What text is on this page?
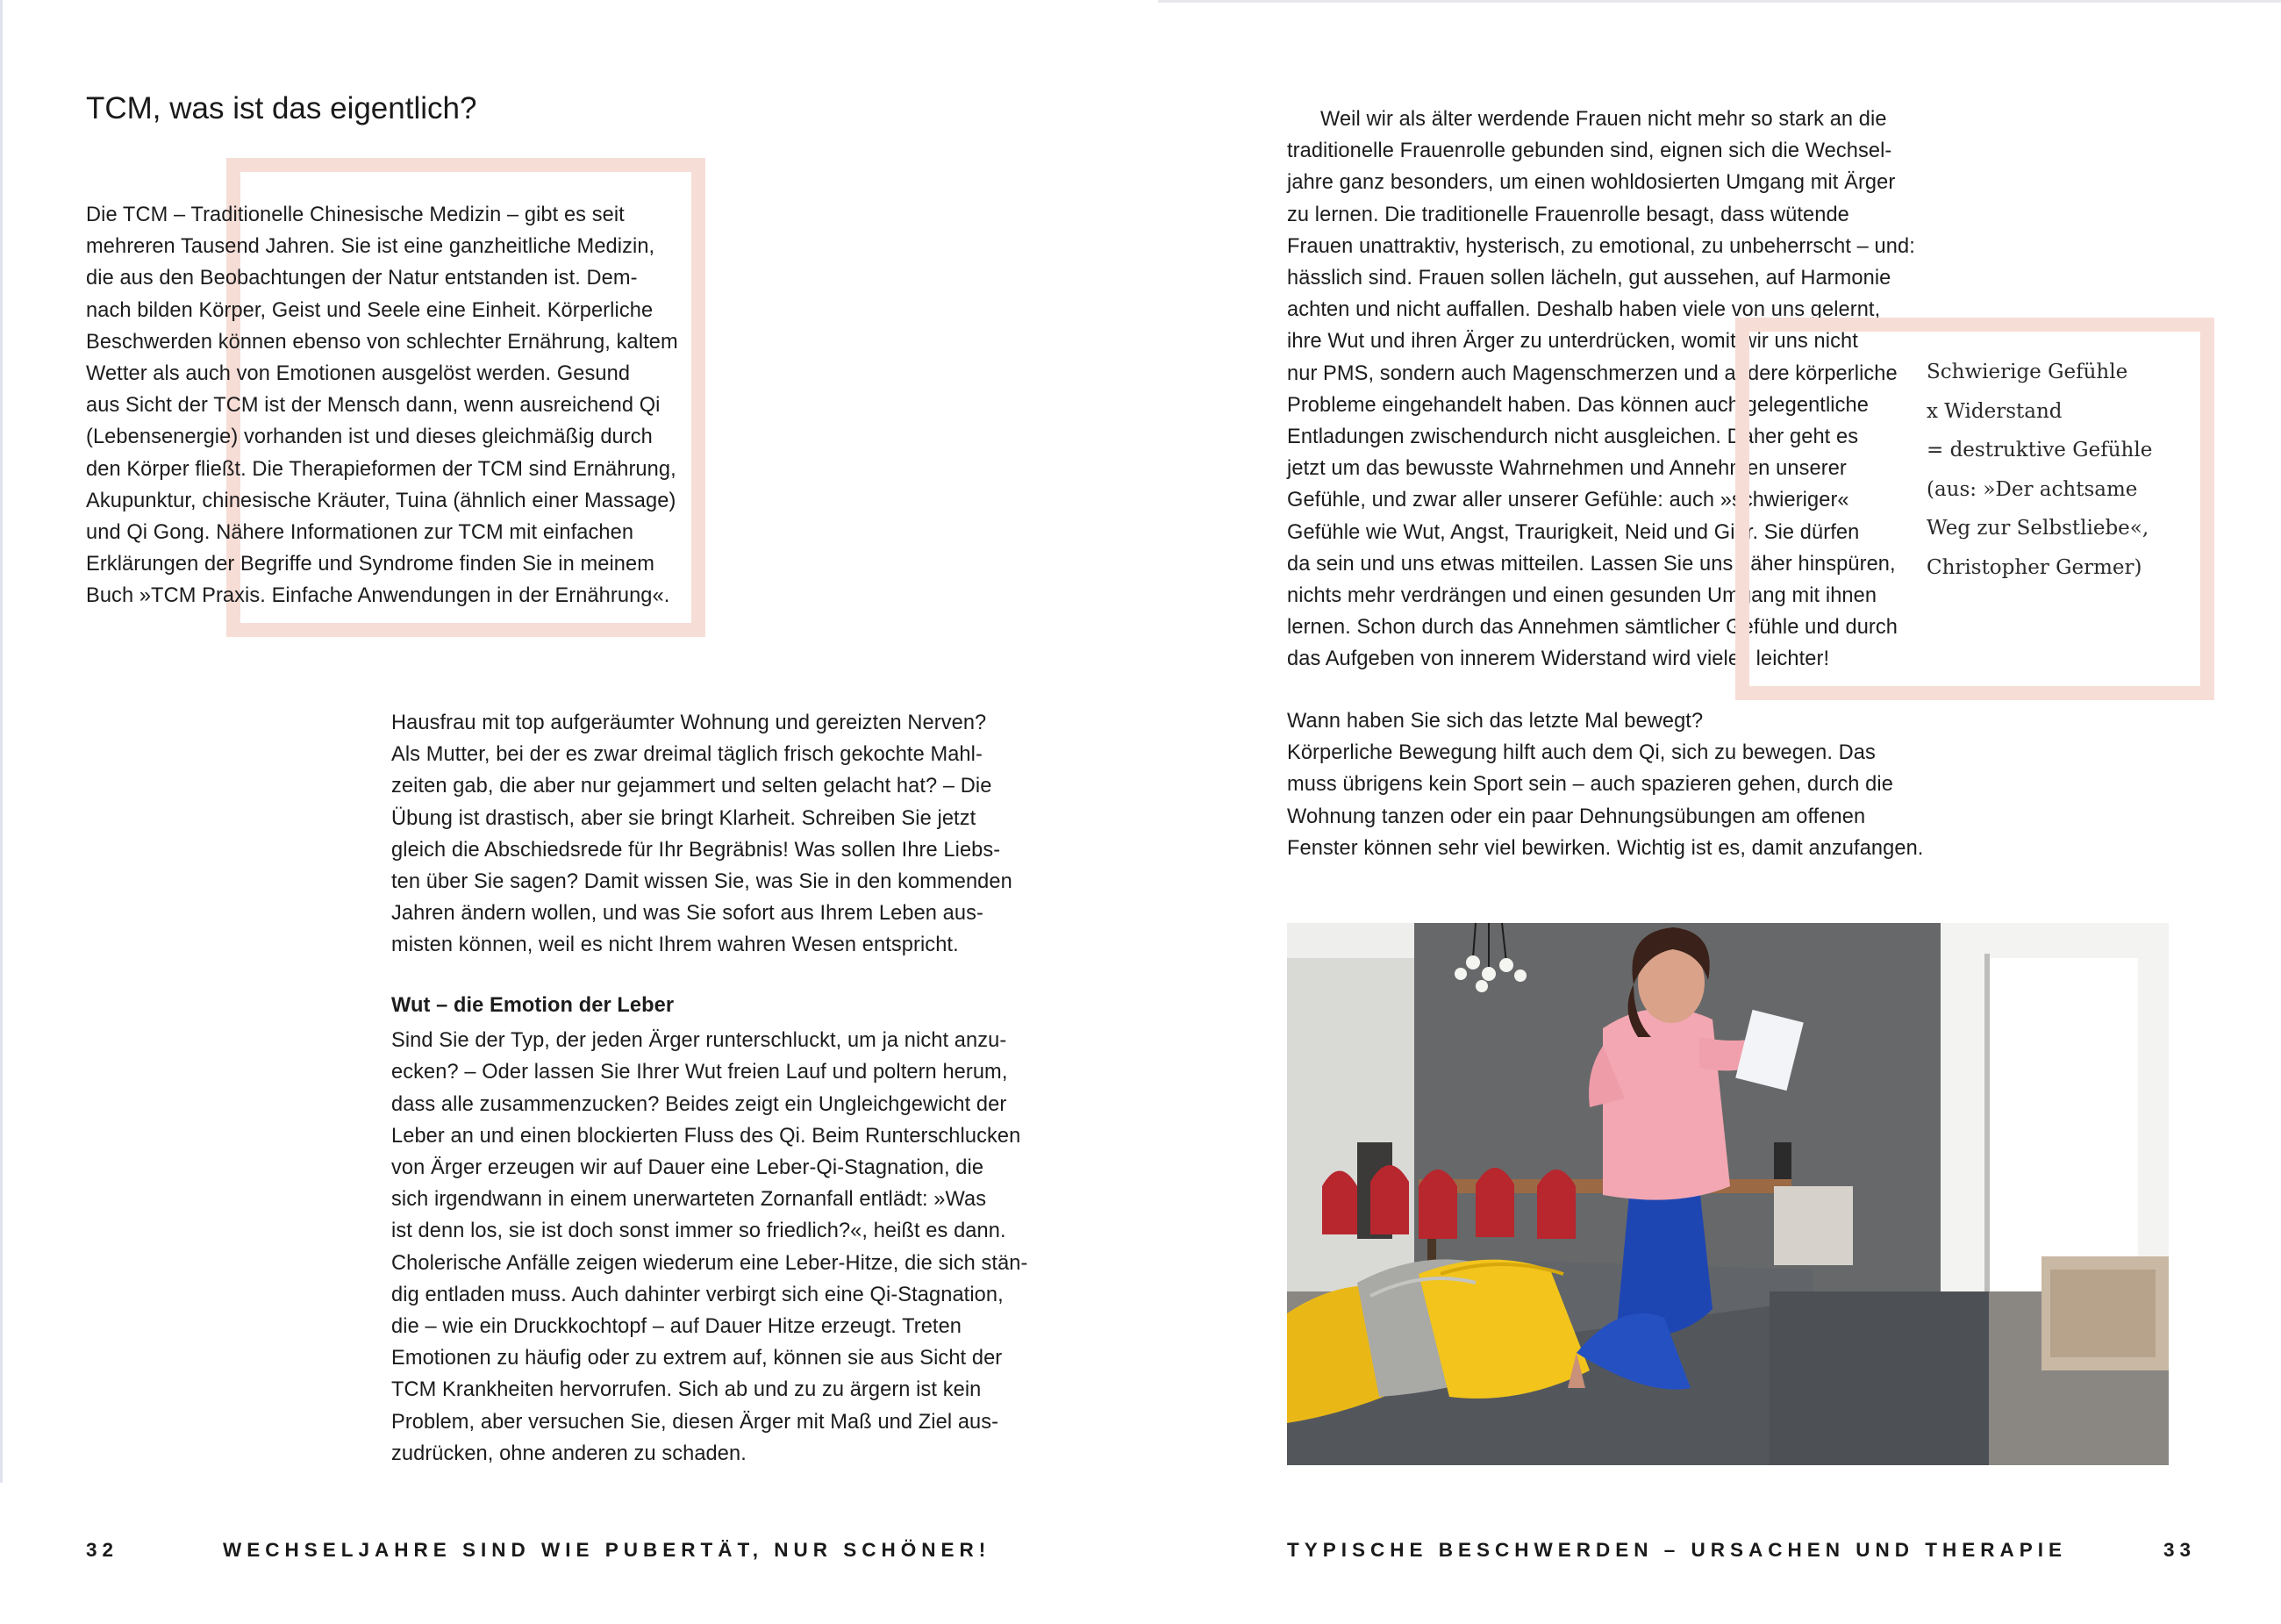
TCM, was ist das eigentlich?

Die TCM – Traditionelle Chinesische Medizin – gibt es seit

mehreren Tausend Jahren. Sie ist eine ganzheitliche Medizin,

die aus den Beobachtungen der Natur entstanden ist. Dem-

nach bilden Körper, Geist und Seele eine Einheit. Körperliche

Beschwerden können ebenso von schlechter Ernährung, kaltem

Wetter als auch von Emotionen ausgelöst werden. Gesund

aus Sicht der TCM ist der Mensch dann, wenn ausreichend Qi

(Lebensenergie) vorhanden ist und dieses gleichmäßig durch

den Körper fließt. Die Therapieformen der TCM sind Ernährung,

Akupunktur, chinesische Kräuter, Tuina (ähnlich einer Massage)

und Qi Gong. Nähere Informationen zur TCM mit einfachen

Erklärungen der Begriffe und Syndrome finden Sie in meinem

Buch »TCM Praxis. Einfache Anwendungen in der Ernährung«.

Hausfrau mit top aufgeräumter Wohnung und gereizten Nerven?

Als Mutter, bei der es zwar dreimal täglich frisch gekochte Mahl-

zeiten gab, die aber nur gejammert und selten gelacht hat? – Die

Übung ist drastisch, aber sie bringt Klarheit. Schreiben Sie jetzt

gleich die Abschiedsrede für Ihr Begräbnis! Was sollen Ihre Liebs-

ten über Sie sagen? Damit wissen Sie, was Sie in den kommenden

Jahren ändern wollen, und was Sie sofort aus Ihrem Leben aus-

misten können, weil es nicht Ihrem wahren Wesen entspricht.

Wut – die Emotion der Leber

Sind Sie der Typ, der jeden Ärger runterschluckt, um ja nicht anzu-

ecken? – Oder lassen Sie Ihrer Wut freien Lauf und poltern herum,

dass alle zusammenzucken? Beides zeigt ein Ungleichgewicht der

Leber an und einen blockierten Fluss des Qi. Beim Runterschlucken

von Ärger erzeugen wir auf Dauer eine Leber-Qi-Stagnation, die

sich irgendwann in einem unerwarteten Zornanfall entlädt: »Was

ist denn los, sie ist doch sonst immer so friedlich?«, heißt es dann.

Cholerische Anfälle zeigen wiederum eine Leber-Hitze, die sich stän-

dig entladen muss. Auch dahinter verbirgt sich eine Qi-Stagnation,

die – wie ein Druckkochtopf – auf Dauer Hitze erzeugt. Treten

Emotionen zu häufig oder zu extrem auf, können sie aus Sicht der

TCM Krankheiten hervorrufen. Sich ab und zu zu ärgern ist kein

Problem, aber versuchen Sie, diesen Ärger mit Maß und Ziel aus-

zudrücken, ohne anderen zu schaden.

32	WECHSELJAHRE SIND WIE PUBERTÄT, NUR SCHÖNER!

Weil wir als älter werdende Frauen nicht mehr so stark an die

traditionelle Frauenrolle gebunden sind, eignen sich die Wechsel-

jahre ganz besonders, um einen wohldosierten Umgang mit Ärger

zu lernen. Die traditionelle Frauenrolle besagt, dass wütende

Frauen unattraktiv, hysterisch, zu emotional, zu unbeherrscht – und:

hässlich sind. Frauen sollen lächeln, gut aussehen, auf Harmonie

achten und nicht auffallen. Deshalb haben viele von uns gelernt,

ihre Wut und ihren Ärger zu unterdrücken, womit wir uns nicht

nur PMS, sondern auch Magenschmerzen und andere körperliche

Probleme eingehandelt haben. Das können auch gelegentliche

Entladungen zwischendurch nicht ausgleichen. Daher geht es

jetzt um das bewusste Wahrnehmen und Annehmen unserer

Gefühle, und zwar aller unserer Gefühle: auch »schwieriger«

Gefühle wie Wut, Angst, Traurigkeit, Neid und Gier. Sie dürfen

da sein und uns etwas mitteilen. Lassen Sie uns näher hinspüren,

nichts mehr verdrängen und einen gesunden Umgang mit ihnen

lernen. Schon durch das Annehmen sämtlicher Gefühle und durch

das Aufgeben von innerem Widerstand wird vieles leichter!

Schwierige Gefühle

x Widerstand

= destruktive Gefühle

(aus: »Der achtsame

Weg zur Selbstliebe«,

Christopher Germer)

Wann haben Sie sich das letzte Mal bewegt?

Körperliche Bewegung hilft auch dem Qi, sich zu bewegen. Das

muss übrigens kein Sport sein – auch spazieren gehen, durch die

Wohnung tanzen oder ein paar Dehnungsübungen am offenen

Fenster können sehr viel bewirken. Wichtig ist es, damit anzufangen.

TYPISCHE BESCHWERDEN – URSACHEN UND THERAPIE	33
